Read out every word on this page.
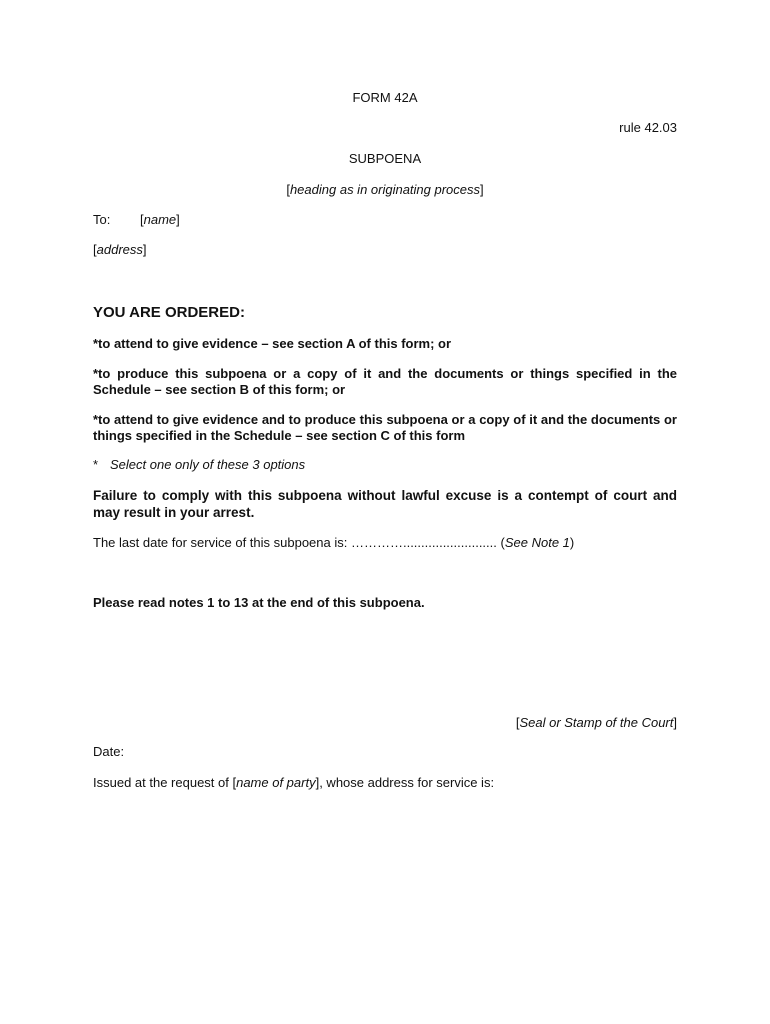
FORM 42A

rule 42.03

SUBPOENA

[heading as in originating process]

To: [name]

[address]

YOU ARE ORDERED:

*to attend to give evidence – see section A of this form; or

*to produce this subpoena or a copy of it and the documents or things specified in the Schedule – see section B of this form; or

*to attend to give evidence and to produce this subpoena or a copy of it and the documents or things specified in the Schedule – see section C of this form

* Select one only of these 3 options

Failure to comply with this subpoena without lawful excuse is a contempt of court and may result in your arrest.

The last date for service of this subpoena is: ………….......................... (See Note 1)

Please read notes 1 to 13 at the end of this subpoena.

[Seal or Stamp of the Court]

Date:

Issued at the request of [name of party], whose address for service is:
